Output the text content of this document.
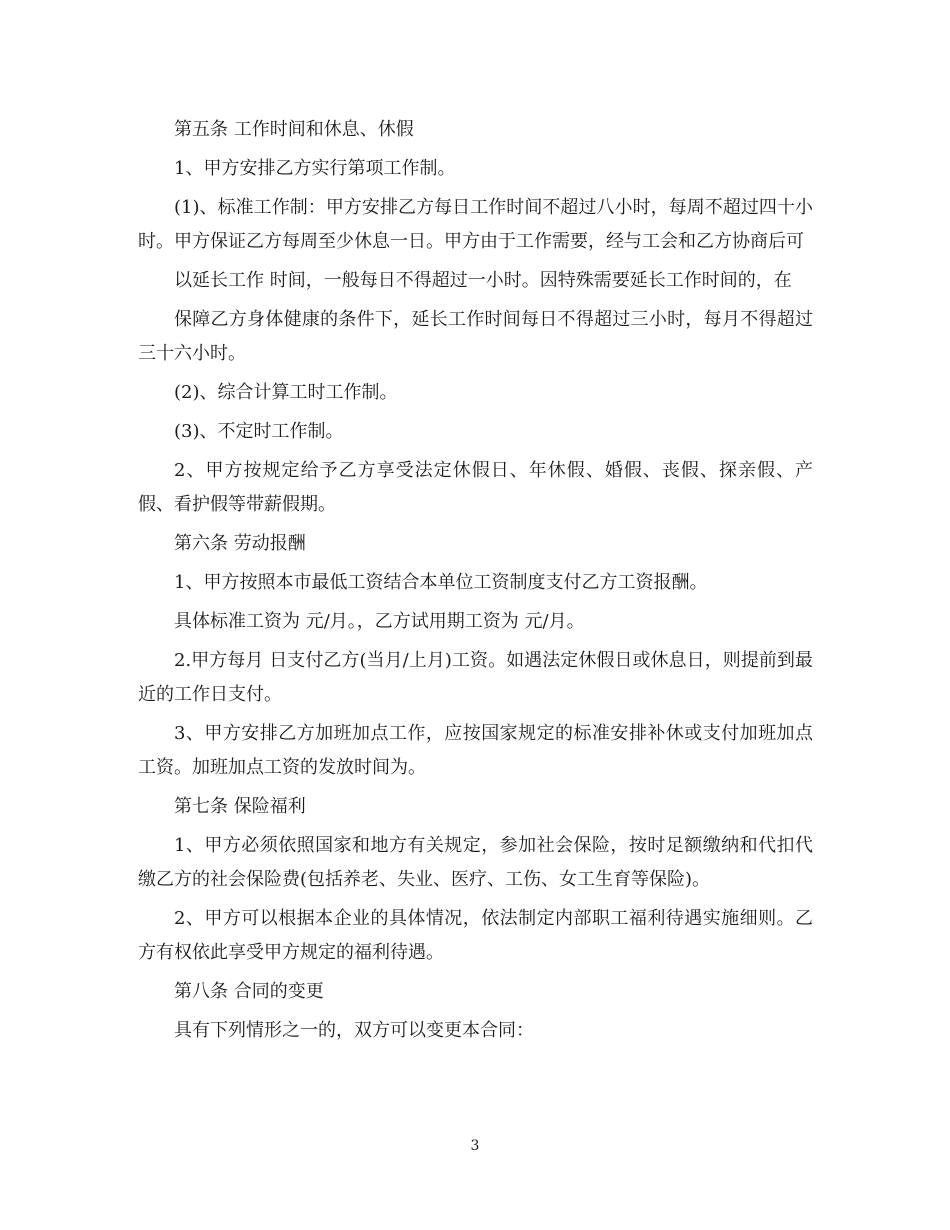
第五条 工作时间和休息、休假

1、甲方安排乙方实行第项工作制。

(1)、标准工作制：甲方安排乙方每日工作时间不超过八小时，每周不超过四十小时。甲方保证乙方每周至少休息一日。甲方由于工作需要，经与工会和乙方协商后可

以延长工作 时间，一般每日不得超过一小时。因特殊需要延长工作时间的，在

保障乙方身体健康的条件下，延长工作时间每日不得超过三小时，每月不得超过三十六小时。

(2)、综合计算工时工作制。

(3)、不定时工作制。

2、甲方按规定给予乙方享受法定休假日、年休假、婚假、丧假、探亲假、产假、看护假等带薪假期。

第六条 劳动报酬

1、甲方按照本市最低工资结合本单位工资制度支付乙方工资报酬。

具体标准工资为 元/月。，乙方试用期工资为 元/月。

2.甲方每月 日支付乙方(当月/上月)工资。如遇法定休假日或休息日，则提前到最近的工作日支付。

3、甲方安排乙方加班加点工作，应按国家规定的标准安排补休或支付加班加点工资。加班加点工资的发放时间为。

第七条 保险福利

1、甲方必须依照国家和地方有关规定，参加社会保险，按时足额缴纳和代扣代缴乙方的社会保险费(包括养老、失业、医疗、工伤、女工生育等保险)。

2、甲方可以根据本企业的具体情况，依法制定内部职工福利待遇实施细则。乙方有权依此享受甲方规定的福利待遇。

第八条 合同的变更

具有下列情形之一的，双方可以变更本合同：

3
